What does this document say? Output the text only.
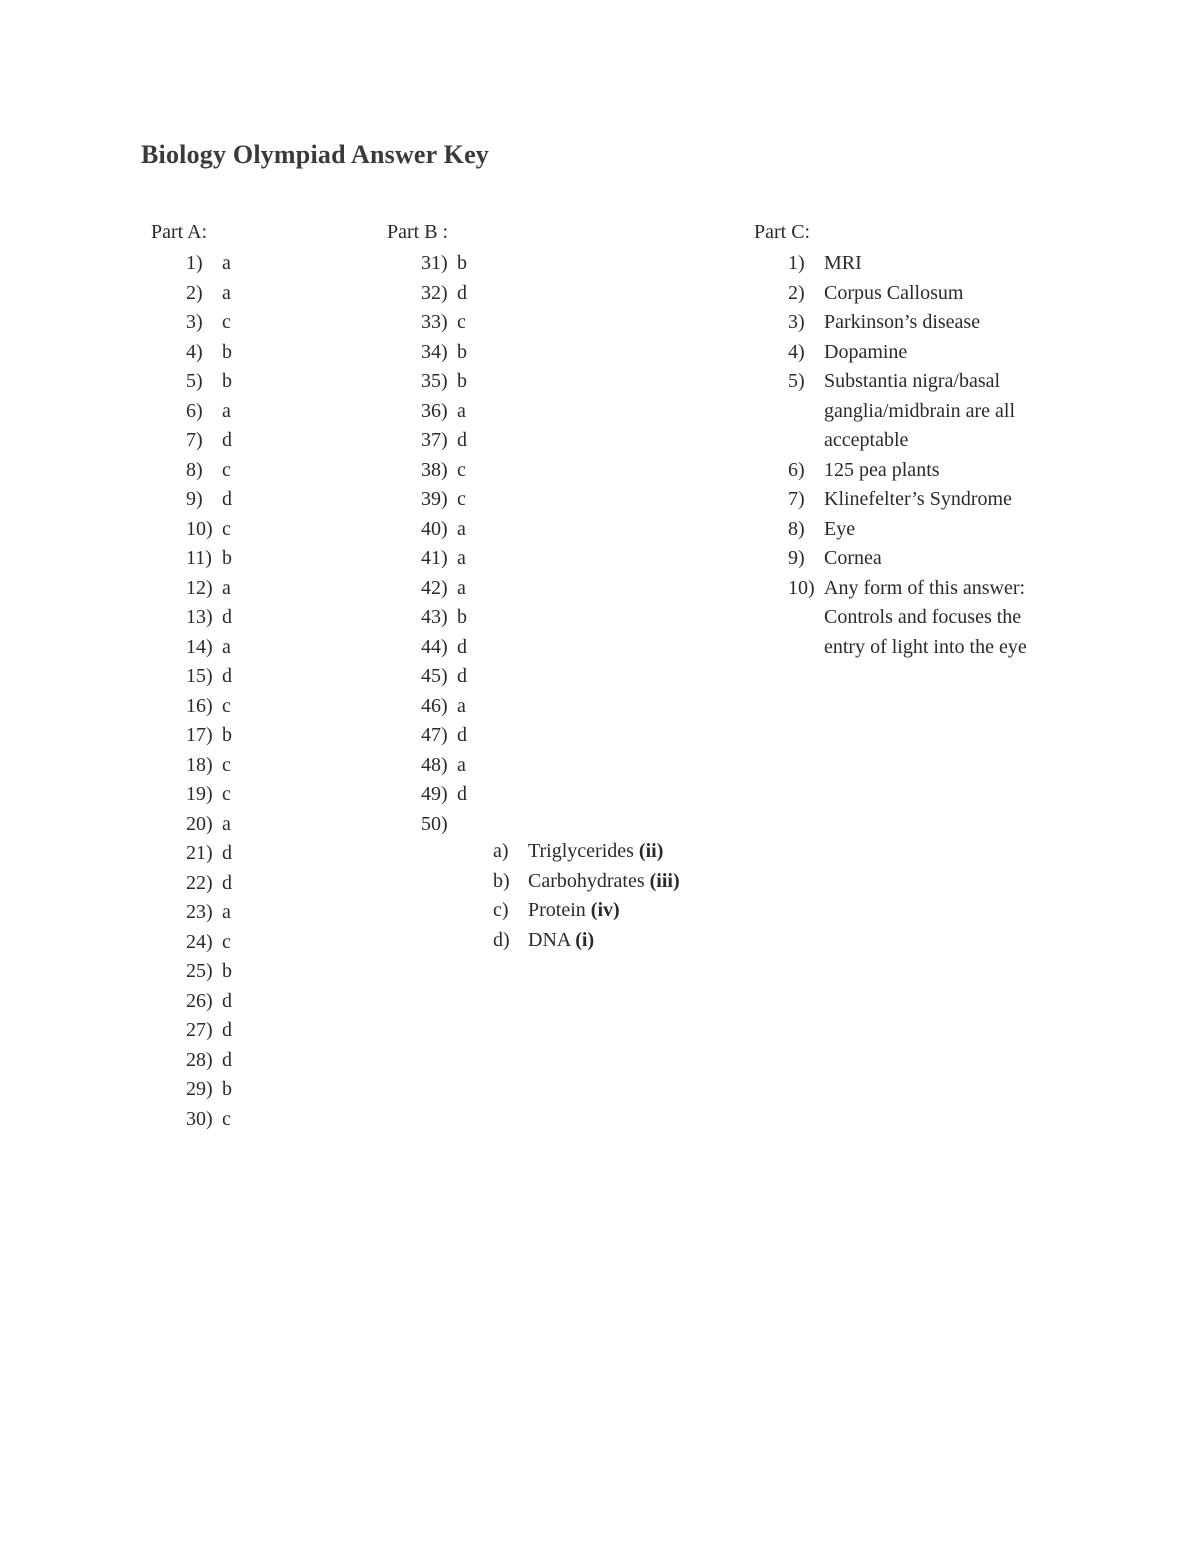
Biology Olympiad Answer Key
Part A:	Part B :	Part C:
1) a
2) a
3) c
4) b
5) b
6) a
7) d
8) c
9) d
10) c
11) b
12) a
13) d
14) a
15) d
16) c
17) b
18) c
19) c
20) a
21) d
22) d
23) a
24) c
25) b
26) d
27) d
28) d
29) b
30) c
31) b
32) d
33) c
34) b
35) b
36) a
37) d
38) c
39) c
40) a
41) a
42) a
43) b
44) d
45) d
46) a
47) d
48) a
49) d
50)
a) Triglycerides (ii)
b) Carbohydrates (iii)
c) Protein (iv)
d) DNA (i)
1) MRI
2) Corpus Callosum
3) Parkinson’s disease
4) Dopamine
5) Substantia nigra/basal ganglia/midbrain are all acceptable
6) 125 pea plants
7) Klinefelter’s Syndrome
8) Eye
9) Cornea
10) Any form of this answer: Controls and focuses the entry of light into the eye
